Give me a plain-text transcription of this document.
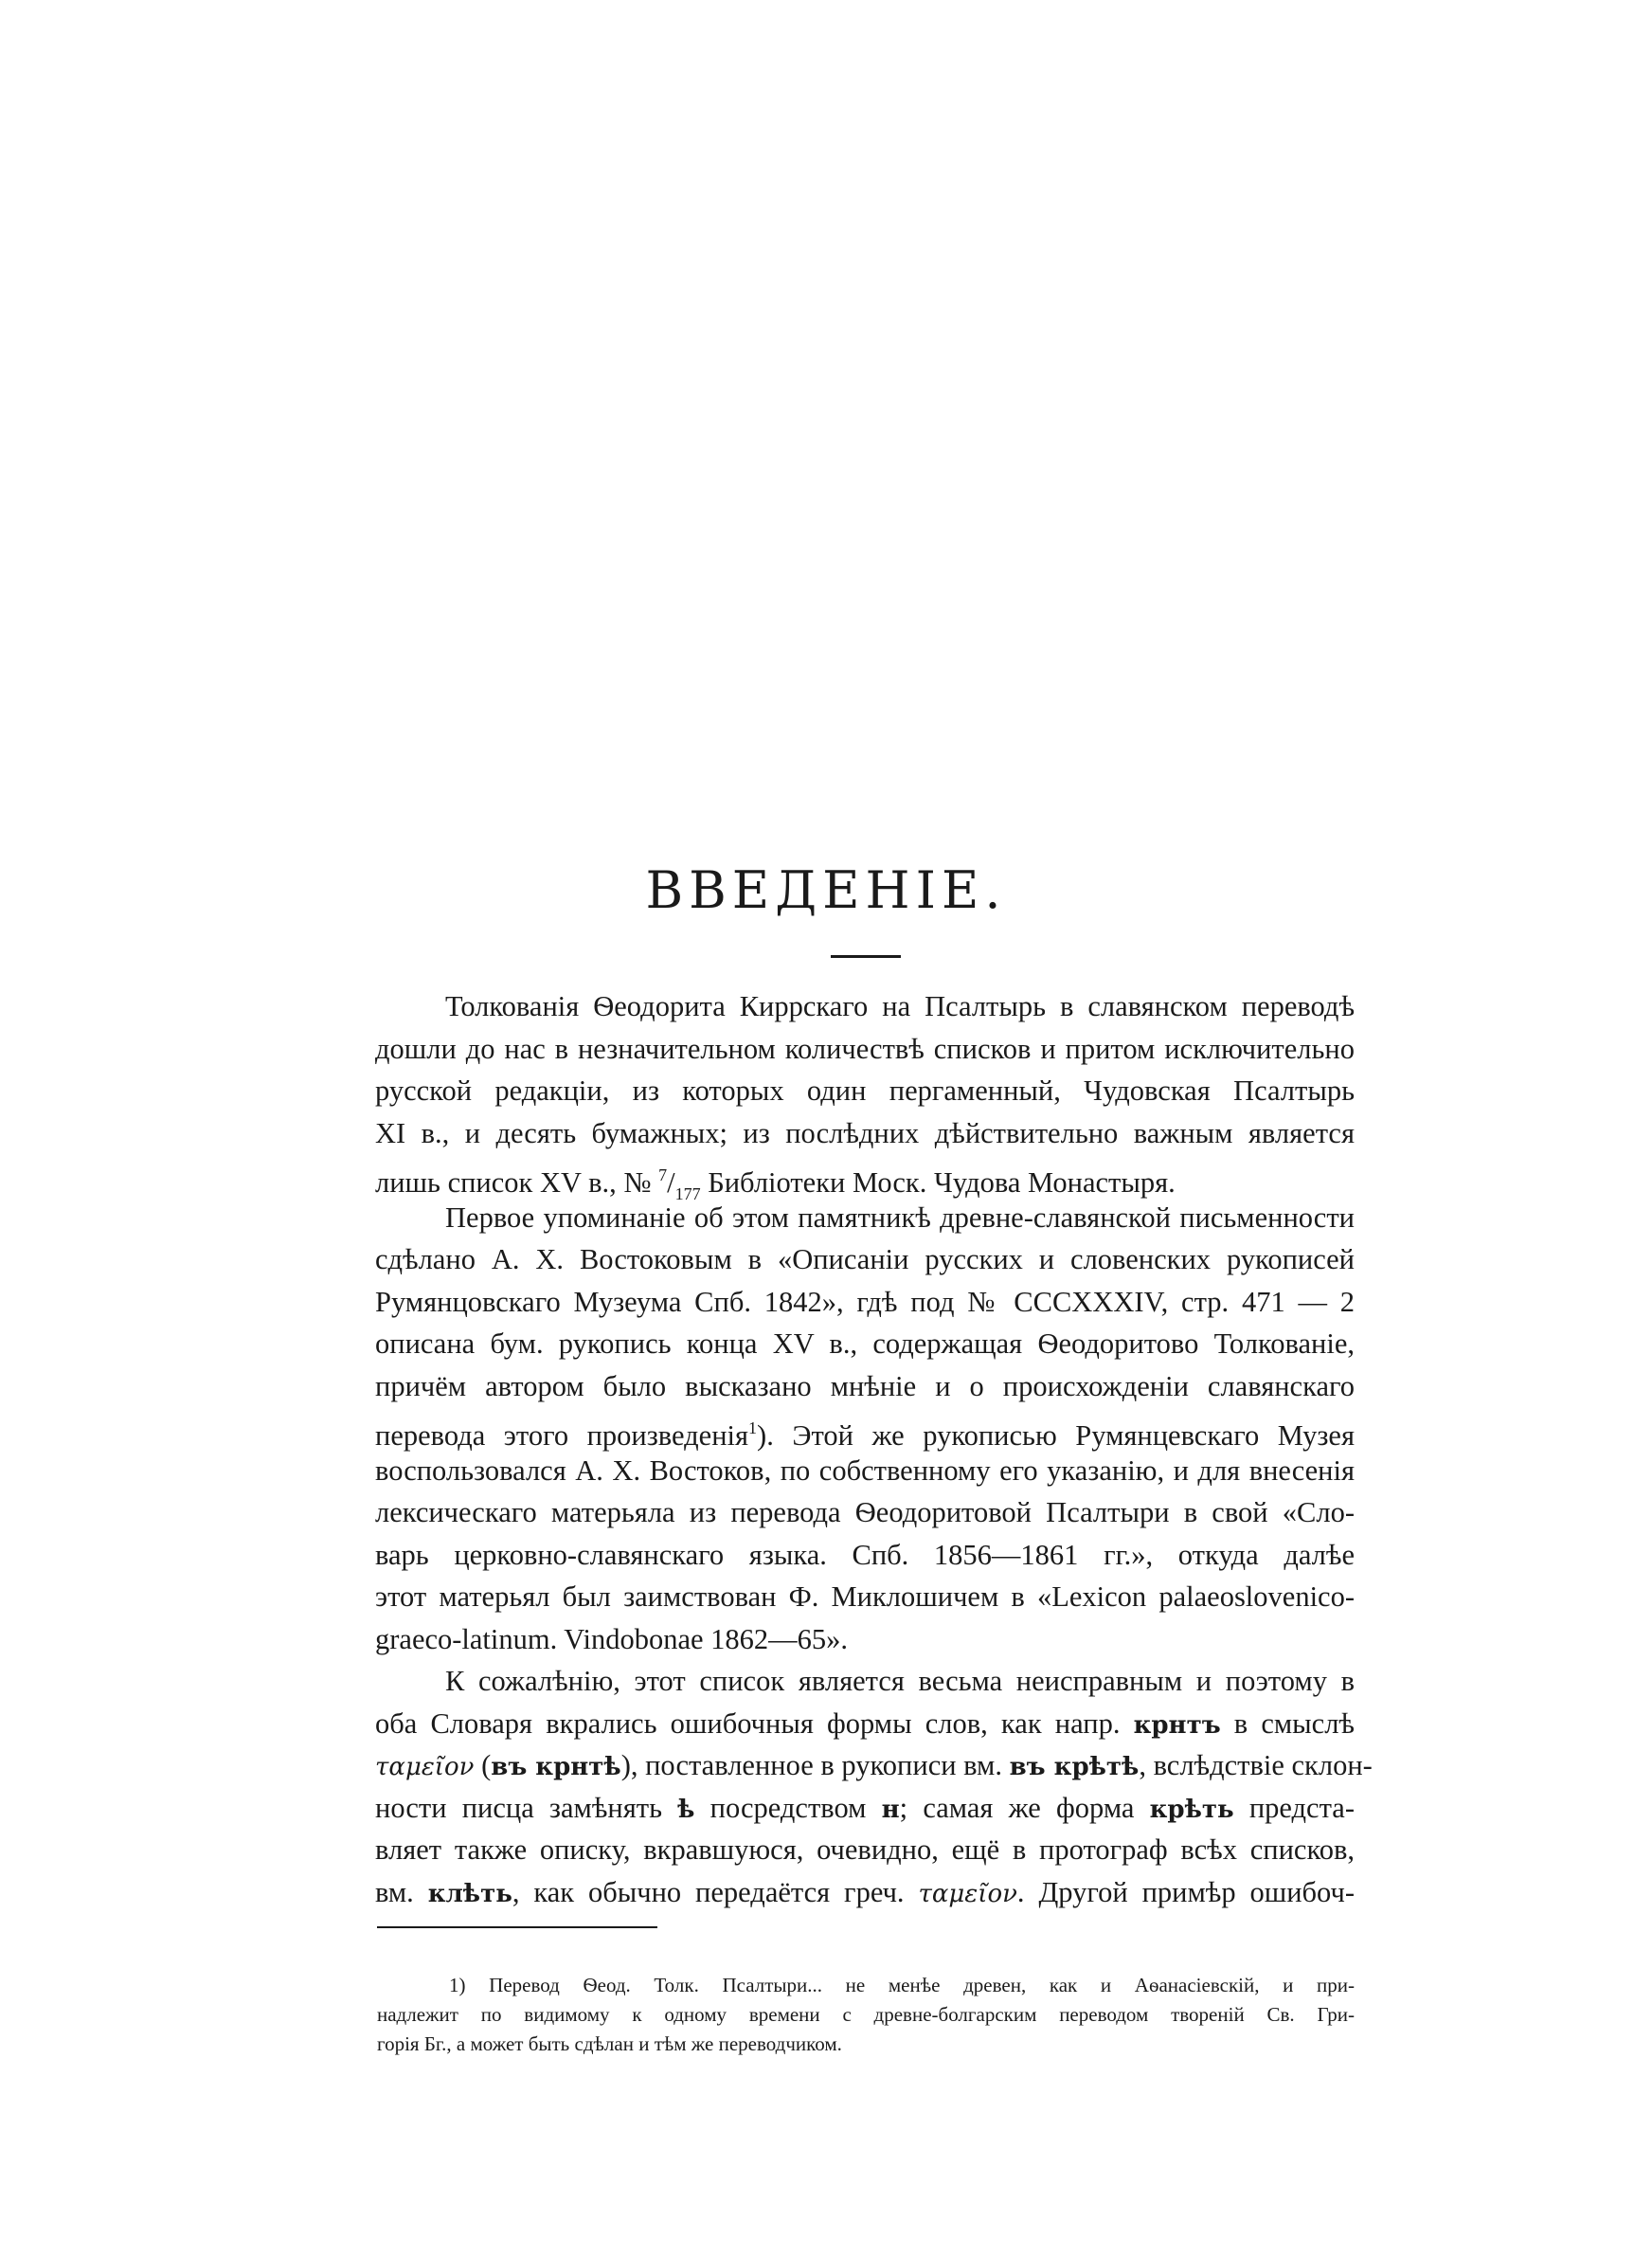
ВВЕДЕНІЕ.
Толкованія Ѳеодорита Киррскаго на Псалтырь в славянском переводѣ
дошли до нас в незначительном количествѣ списков и притом исключительно
русской редакціи, из которых один пергаменный, Чудовская Псалтырь
XI в., и десять бумажных; из послѣдних дѣйствительно важным является
лишь список XV в., № $^7/_{177}$ Библіотеки Моск. Чудова Монастыря.
Первое упоминаніе об этом памятникѣ древне-славянской письменности
сдѣлано А. Х. Востоковым в «Описаніи русских и словенских рукописей
Румянцовскаго Музеума Спб. 1842», гдѣ под № CCCXXXIV, стр. 471 — 2
описана бум. рукопись конца XV в., содержащая Ѳеодоритово Толкованіе,
причём автором было высказано мнѣніе и о происхожденіи славянскаго
перевода этого произведенія$^1$). Этой же рукописью Румянцевскаго Музея
воспользовался А. Х. Востоков, по собственному его указанію, и для внесенія
лексическаго матерьяла из перевода Ѳеодоритовой Псалтыри в свой «Сло-
варь церковно-славянскаго языка. Спб. 1856—1861 гг.», откуда далѣе
этот матерьял был заимствован Ф. Миклошичем в «Lexicon palaeoslovenico-
graeco-latinum. Vindobonae 1862—65».
К сожалѣнію, этот список является весьма неисправным и поэтому в
оба Словаря вкрались ошибочныя формы слов, как напр. крнтъ в смыслѣ
ταμεῖον (въ крнтѣ), поставленное в рукописи вм. въ крѣтѣ, вслѣдствіе склон-
ности писца замѣнять ѣ посредством н; самая же форма крѣть предста-
вляет также описку, вкравшуюся, очевидно, ещё в протограф всѣх списков,
вм. клѣть, как обычно передаётся греч. ταμεῖον. Другой примѣр ошибоч-
1) Перевод Ѳеод. Толк. Псалтыри... не менѣе древен, как и Аѳанасіевскій, и при-
надлежит по видимому к одному времени с древне-болгарским переводом твореній Св. Гри-
горія Бг., а может быть сдѣлан и тѣм же переводчиком.
